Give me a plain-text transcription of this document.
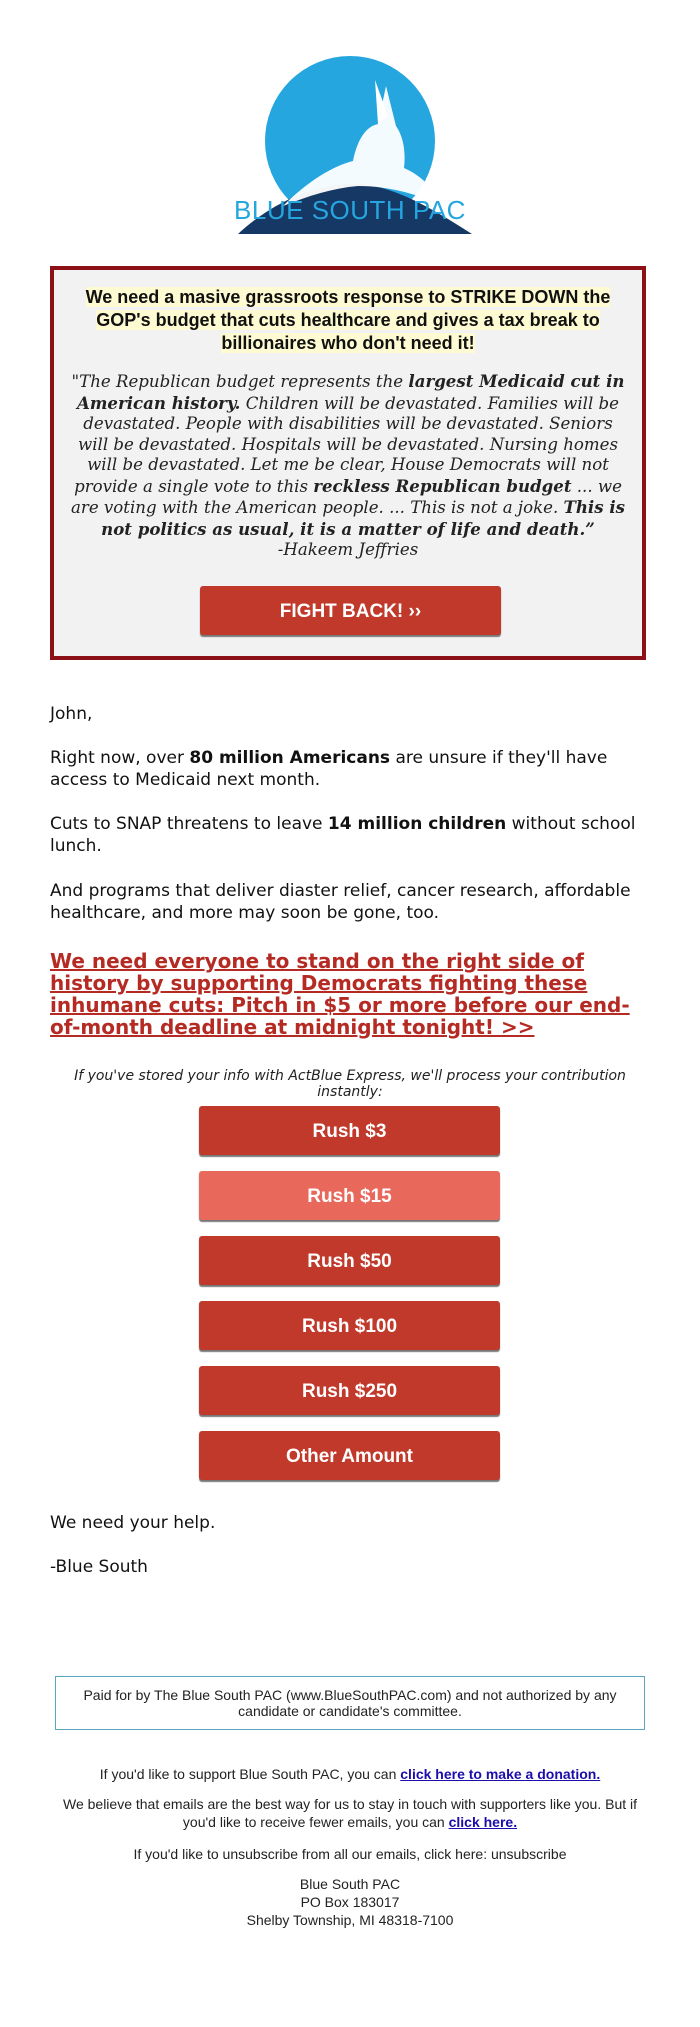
BLUE SOUTH PAC
We need a masive grassroots response to STRIKE DOWN the GOP's budget that cuts healthcare and gives a tax break to billionaires who don't need it!
"The Republican budget represents the largest Medicaid cut in American history. Children will be devastated. Families will be devastated. People with disabilities will be devastated. Seniors will be devastated. Hospitals will be devastated. Nursing homes will be devastated. Let me be clear, House Democrats will not provide a single vote to this reckless Republican budget ... we are voting with the American people. ... This is not a joke. This is not politics as usual, it is a matter of life and death.”
-Hakeem Jeffries
FIGHT BACK! ››
John,
Right now, over 80 million Americans are unsure if they'll have access to Medicaid next month.
Cuts to SNAP threatens to leave 14 million children without school lunch.
And programs that deliver diaster relief, cancer research, affordable healthcare, and more may soon be gone, too.
We need everyone to stand on the right side of history by supporting Democrats fighting these inhumane cuts: Pitch in $5 or more before our end-of-month deadline at midnight tonight! >>
If you've stored your info with ActBlue Express, we'll process your contribution instantly:
Rush $3
Rush $15
Rush $50
Rush $100
Rush $250
Other Amount
We need your help.
-Blue South
Paid for by The Blue South PAC (www.BlueSouthPAC.com) and not authorized by any candidate or candidate's committee.
If you'd like to support Blue South PAC, you can click here to make a donation.
We believe that emails are the best way for us to stay in touch with supporters like you. But if you'd like to receive fewer emails, you can click here.
If you'd like to unsubscribe from all our emails, click here: unsubscribe
Blue South PAC
PO Box 183017
Shelby Township, MI 48318-7100
